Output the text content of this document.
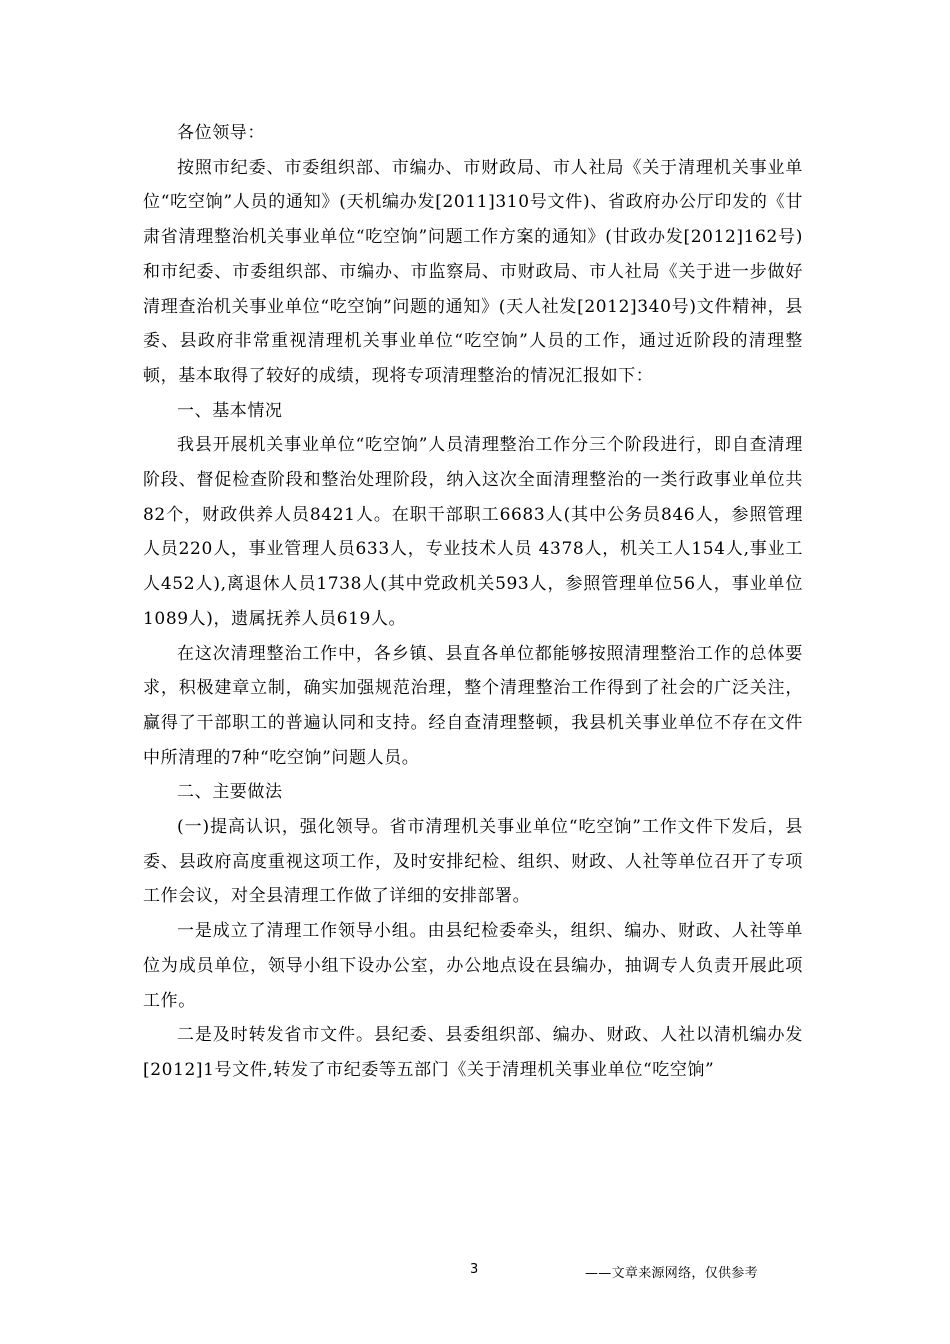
各位领导：

按照市纪委、市委组织部、市编办、市财政局、市人社局《关于清理机关事业单位“吃空饷”人员的通知》(天机编办发[2011]310号文件)、省政府办公厅印发的《甘肃省清理整治机关事业单位“吃空饷”问题工作方案的通知》(甘政办发[2012]162号)和市纪委、市委组织部、市编办、市监察局、市财政局、市人社局《关于进一步做好清理查治机关事业单位“吃空饷”问题的通知》(天人社发[2012]340号)文件精神，县委、县政府非常重视清理机关事业单位“吃空饷”人员的工作，通过近阶段的清理整顿，基本取得了较好的成绩，现将专项清理整治的情况汇报如下：

一、基本情况

我县开展机关事业单位“吃空饷”人员清理整治工作分三个阶段进行，即自查清理阶段、督促检查阶段和整治处理阶段，纳入这次全面清理整治的一类行政事业单位共82个，财政供养人员8421人。在职干部职工6683人(其中公务员846人，参照管理人员220人，事业管理人员633人，专业技术人员 4378人，机关工人154人,事业工人452人),离退休人员1738人(其中党政机关593人，参照管理单位56人，事业单位1089人)，遗属抚养人员619人。

在这次清理整治工作中，各乡镇、县直各单位都能够按照清理整治工作的总体要求，积极建章立制，确实加强规范治理，整个清理整治工作得到了社会的广泛关注，赢得了干部职工的普遍认同和支持。经自查清理整顿，我县机关事业单位不存在文件中所清理的7种“吃空饷”问题人员。

二、主要做法

(一)提高认识，强化领导。省市清理机关事业单位“吃空饷”工作文件下发后，县委、县政府高度重视这项工作，及时安排纪检、组织、财政、人社等单位召开了专项工作会议，对全县清理工作做了详细的安排部署。

一是成立了清理工作领导小组。由县纪检委牵头，组织、编办、财政、人社等单位为成员单位，领导小组下设办公室，办公地点设在县编办，抽调专人负责开展此项工作。

二是及时转发省市文件。县纪委、县委组织部、编办、财政、人社以清机编办发[2012]1号文件,转发了市纪委等五部门《关于清理机关事业单位“吃空饷”

3	——文章来源网络，仅供参考
